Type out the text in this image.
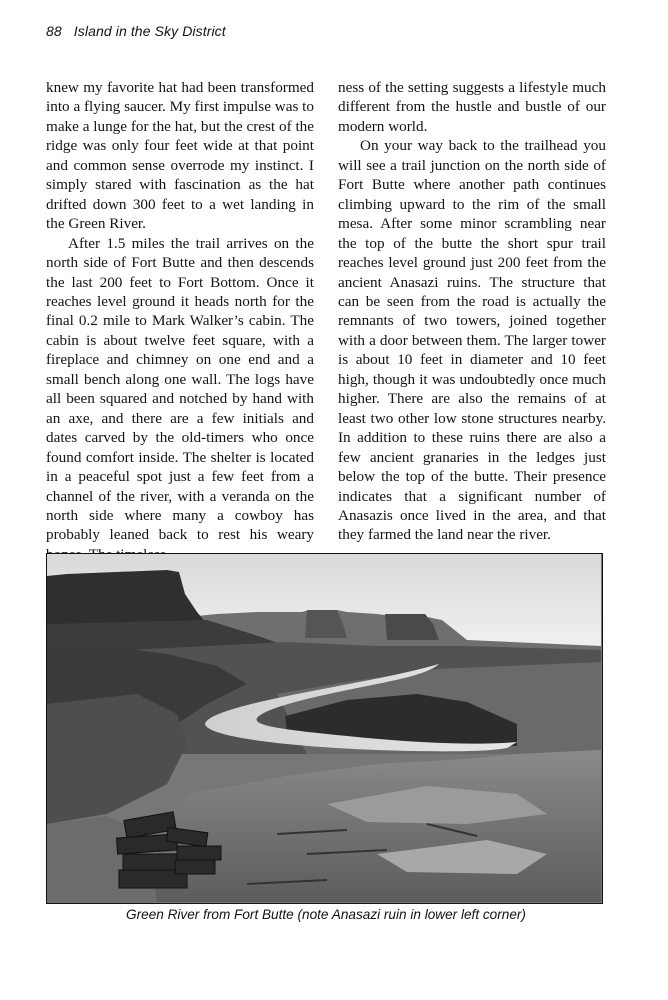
88 Island in the Sky District

knew my favorite hat had been transformed into a flying saucer. My first impulse was to make a lunge for the hat, but the crest of the ridge was only four feet wide at that point and common sense overrode my instinct. I simply stared with fascination as the hat drifted down 300 feet to a wet landing in the Green River.

After 1.5 miles the trail arrives on the north side of Fort Butte and then descends the last 200 feet to Fort Bottom. Once it reaches level ground it heads north for the final 0.2 mile to Mark Walker’s cabin. The cabin is about twelve feet square, with a fireplace and chimney on one end and a small bench along one wall. The logs have all been squared and notched by hand with an axe, and there are a few initials and dates carved by the old-timers who once found comfort inside. The shelter is located in a peaceful spot just a few feet from a channel of the river, with a veranda on the north side where many a cowboy has probably leaned back to rest his weary

ness of the setting suggests a lifestyle much different from the hustle and bustle of our modern world.

On your way back to the trailhead you will see a trail junction on the north side of Fort Butte where another path continues climbing upward to the rim of the small mesa. After some minor scrambling near the top of the butte the short spur trail reaches level ground just 200 feet from the ancient Anasazi ruins. The structure that can be seen from the road is actually the remnants of two towers, joined together with a door between them. The larger tower is about 10 feet in diameter and 10 feet high, though it was undoubtedly once much higher. There are also the remains of at least two other low stone structures nearby. In addition to these ruins there are also a few ancient granaries in the ledges just below the top of the butte. Their presence indicates that a significant number of Anasazis once lived in the area, and that they farmed the land near the river.

Green River from Fort Butte (note Anasazi ruin in lower left corner)
